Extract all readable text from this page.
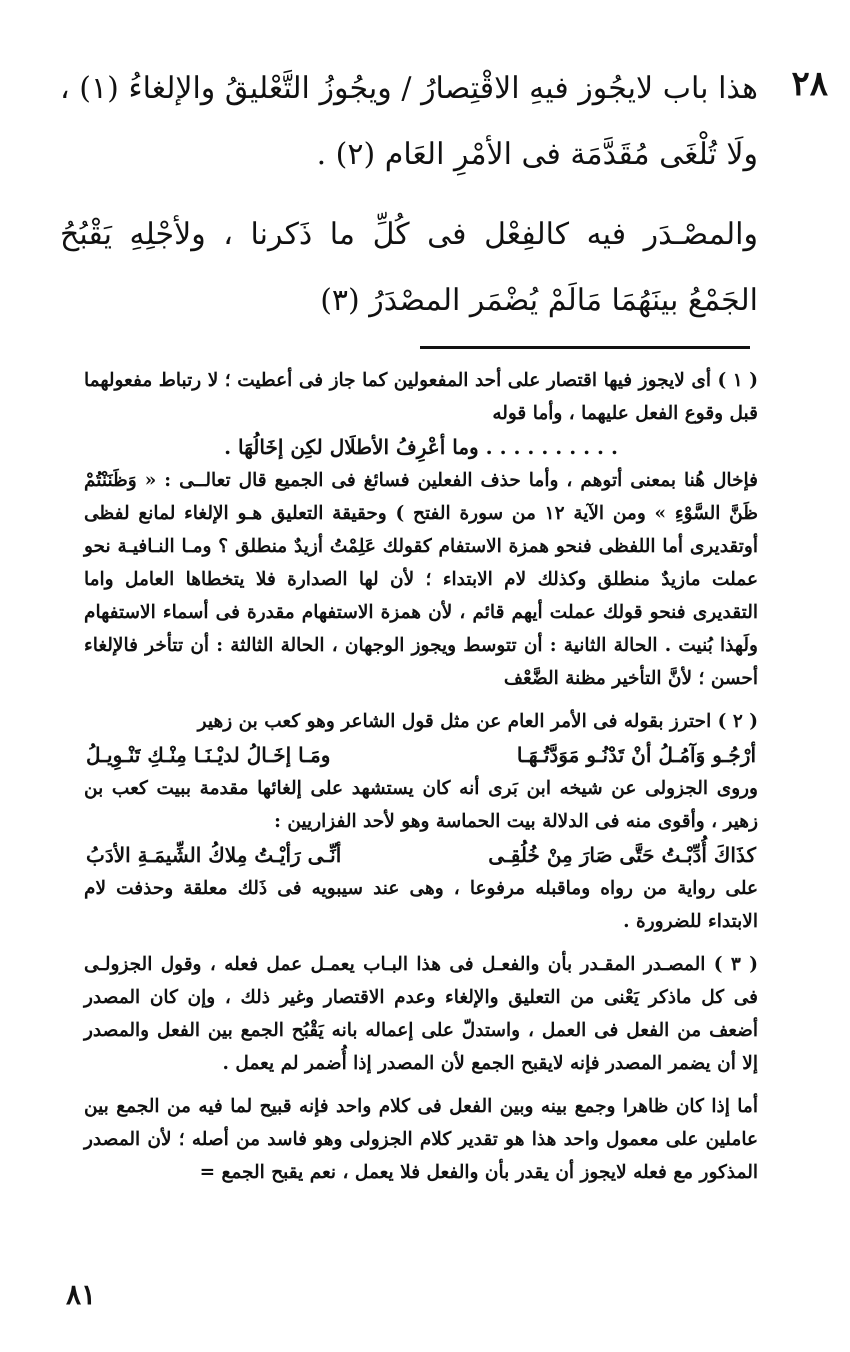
٢٨

هذا باب لايجُوز فيهِ الاقْتِصارُ / ويجُوزُ التَّعْليقُ والإلغاءُ (١) ، ولَا تُلْغَى مُقَدَّمَة فى الأمْرِ العَام (٢) .

والمصْـدَر فيه كالفِعْل فى كُلِّ ما ذَكرنا ، ولأجْلِهِ يَقْبُحُ الجَمْعُ بينَهُمَا مَالَمْ يُضْمَر المصْدَرُ (٣)

( ١ ) أى لايجوز فيها اقتصار على أحد المفعولين كما جاز فى أعطيت ؛ لا رتباط مفعولهما قبل وقوع الفعل عليهما ، وأما قوله

. . . . . . . . . . وما أعْرِفُ الأطلَال لكِن إخَالُهَا .

فإخال هُنا بمعنى أتوهم ، وأما حذف الفعلين فسائغ فى الجميع قال تعالــى : « وَظَنَنْتُمْ ظَنَّ السَّوْءِ » ومن الآية ١٢ من سورة الفتح ) وحقيقة التعليق هـو الإلغاء لمانع لفظى أوتقديرى أما اللفظى فنحو همزة الاستفام كقولك عَلِمْتُ أزيدٌ منطلق ؟ ومـا النـافيـة نحو عملت مازيدٌ منطلق وكذلك لام الابتداء ؛ لأن لها الصدارة فلا يتخطاها العامل واما التقديرى فنحو قولك عملت أيهم قائم ، لأن همزة الاستفهام مقدرة فى أسماء الاستفهام ولَهذا بُنيت . الحالة الثانية : أن تتوسط ويجوز الوجهان ، الحالة الثالثة : أن تتأخر فالإلغاء أحسن ؛ لأنَّ التأخير مظنة الضَّعْف

( ٢ ) احترز بقوله فى الأمر العام عن مثل قول الشاعر وهو كعب بن زهير

أرْجُـو وَآمُـلُ أنْ تَدْنُـو مَوَدَّتُـهَـا
ومَـا إخَـالُ لديْـنَـا مِنْـكِ تَنْـوِيـلُ

وروى الجزولى عن شيخه ابن بَرى أنه كان يستشهد على إلغائها مقدمة ببيت كعب بن زهير ، وأقوى منه فى الدلالة بيت الحماسة وهو لأحد الفزاريين :

كذَاكَ أُدِّبْـتُ حَتَّى صَارَ مِنْ خُلُقِـى
أنِّـى رَأيْـتُ مِلاكُ الشِّيمَـةِ الأدَبُ

على رواية من رواه وماقبله مرفوعا ، وهى عند سيبويه فى ذَلك معلقة وحذفت لام الابتداء للضرورة .

( ٣ ) المصـدر المقـدر بأن والفعـل فى هذا البـاب يعمـل عمل فعله ، وقول الجزولـى فى كل ماذكر يَعْنى من التعليق والإلغاء وعدم الاقتصار وغير ذلك ، وإن كان المصدر أضعف من الفعل فى العمل ، واستدلّ على إعماله بانه يَقْبُح الجمع بين الفعل والمصدر إلا أن يضمر المصدر فإنه لايقبح الجمع لأن المصدر إذا أُضمر لم يعمل .

أما إذا كان ظاهرا وجمع بينه وبين الفعل فى كلام واحد فإنه قبيح لما فيه من الجمع بين عاملين على معمول واحد هذا هو تقدير كلام الجزولى وهو فاسد من أصله ؛ لأن المصدر المذكور مع فعله لايجوز أن يقدر بأن والفعل فلا يعمل ، نعم يقبح الجمع =

٨١
